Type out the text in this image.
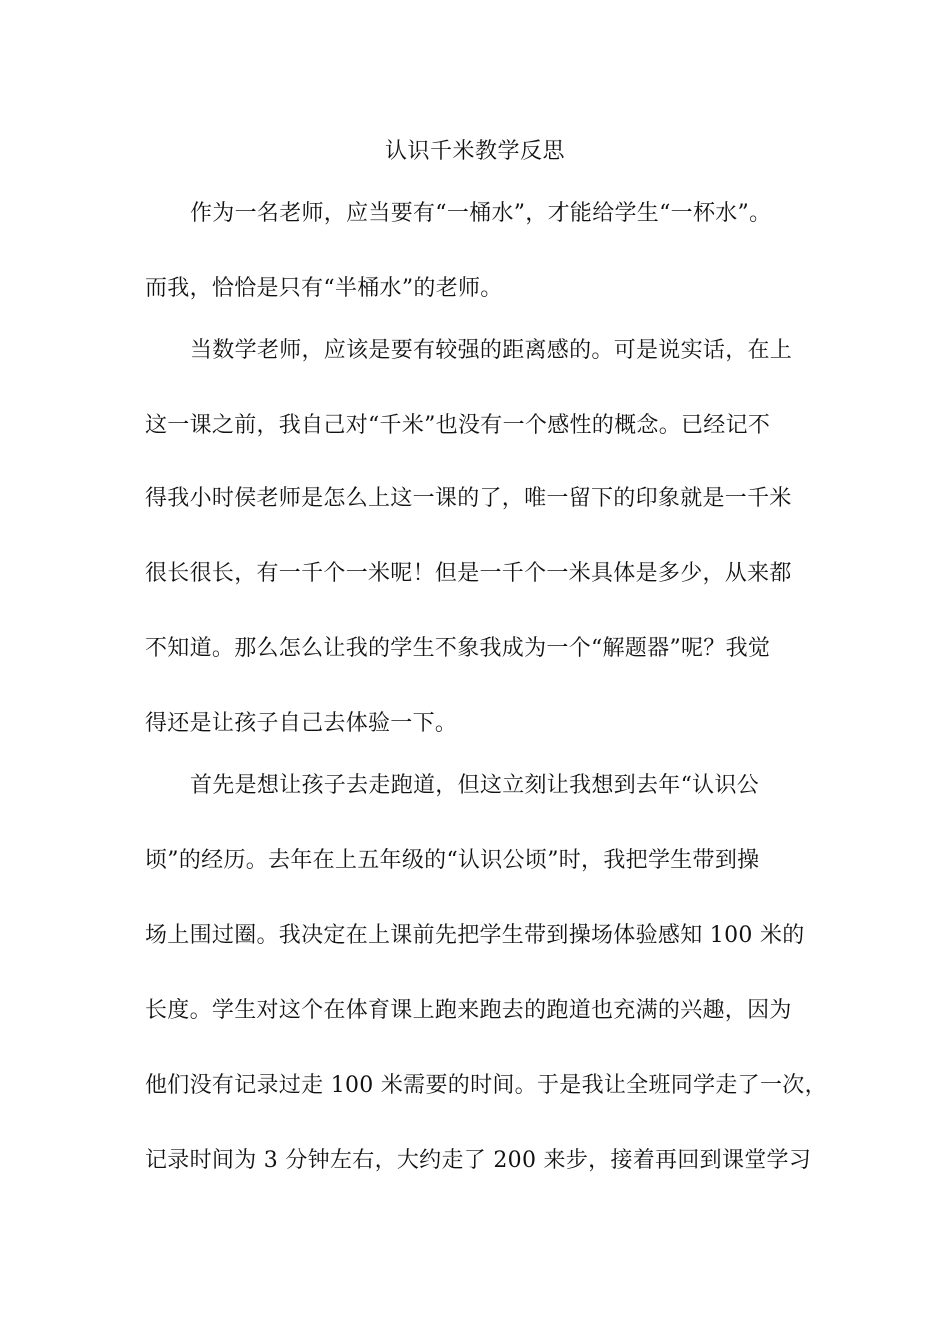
认识千米教学反思
作为一名老师，应当要有“一桶水”，才能给学生“一杯水”。
而我，恰恰是只有“半桶水”的老师。
当数学老师，应该是要有较强的距离感的。可是说实话，在上
这一课之前，我自己对“千米”也没有一个感性的概念。已经记不
得我小时侯老师是怎么上这一课的了，唯一留下的印象就是一千米
很长很长，有一千个一米呢！但是一千个一米具体是多少，从来都
不知道。那么怎么让我的学生不象我成为一个“解题器”呢？我觉
得还是让孩子自己去体验一下。
首先是想让孩子去走跑道，但这立刻让我想到去年“认识公
顷”的经历。去年在上五年级的“认识公顷”时，我把学生带到操
场上围过圈。我决定在上课前先把学生带到操场体验感知 100 米的
长度。学生对这个在体育课上跑来跑去的跑道也充满的兴趣，因为
他们没有记录过走 100 米需要的时间。于是我让全班同学走了一次，
记录时间为 3 分钟左右，大约走了 200 来步，接着再回到课堂学习
